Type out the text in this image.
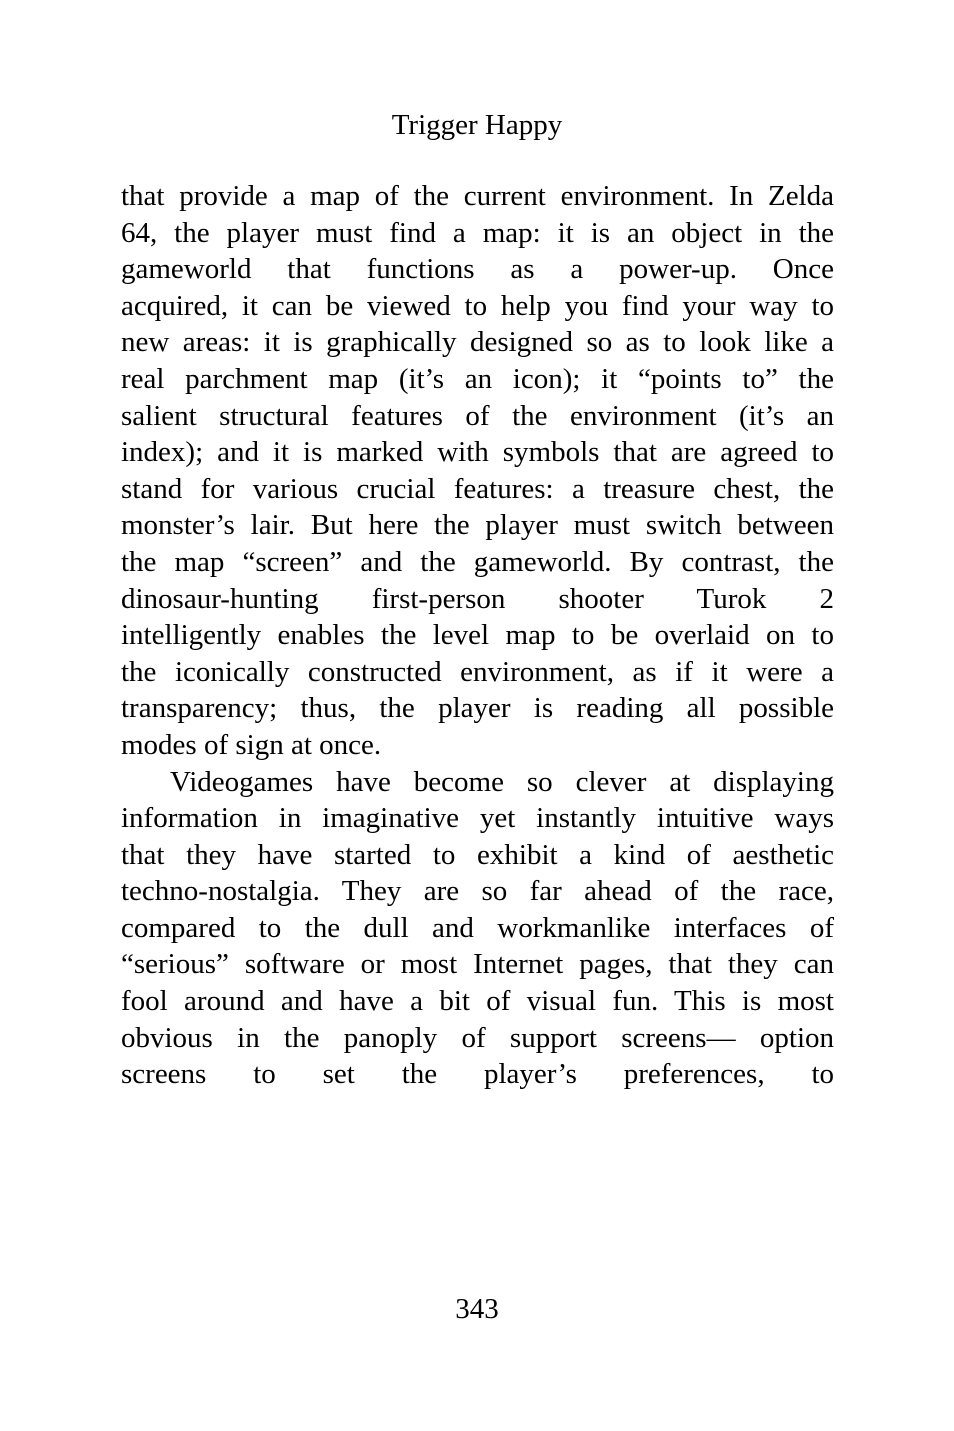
Trigger Happy
that provide a map of the current environment. In Zelda
64, the player must find a map: it is an object in the
gameworld that functions as a power-up. Once
acquired, it can be viewed to help you find your way to
new areas: it is graphically designed so as to look like a
real parchment map (it’s an icon); it “points to” the
salient structural features of the environment (it’s an
index); and it is marked with symbols that are agreed to
stand for various crucial features: a treasure chest, the
monster’s lair. But here the player must switch between
the map “screen” and the gameworld. By contrast, the
dinosaur-hunting first-person shooter Turok 2
intelligently enables the level map to be overlaid on to
the iconically constructed environment, as if it were a
transparency; thus, the player is reading all possible
modes of sign at once.
Videogames have become so clever at displaying
information in imaginative yet instantly intuitive ways
that they have started to exhibit a kind of aesthetic
techno-nostalgia. They are so far ahead of the race,
compared to the dull and workmanlike interfaces of
“serious” software or most Internet pages, that they can
fool around and have a bit of visual fun. This is most
obvious in the panoply of support screens— option
screens to set the player’s preferences, to
343
